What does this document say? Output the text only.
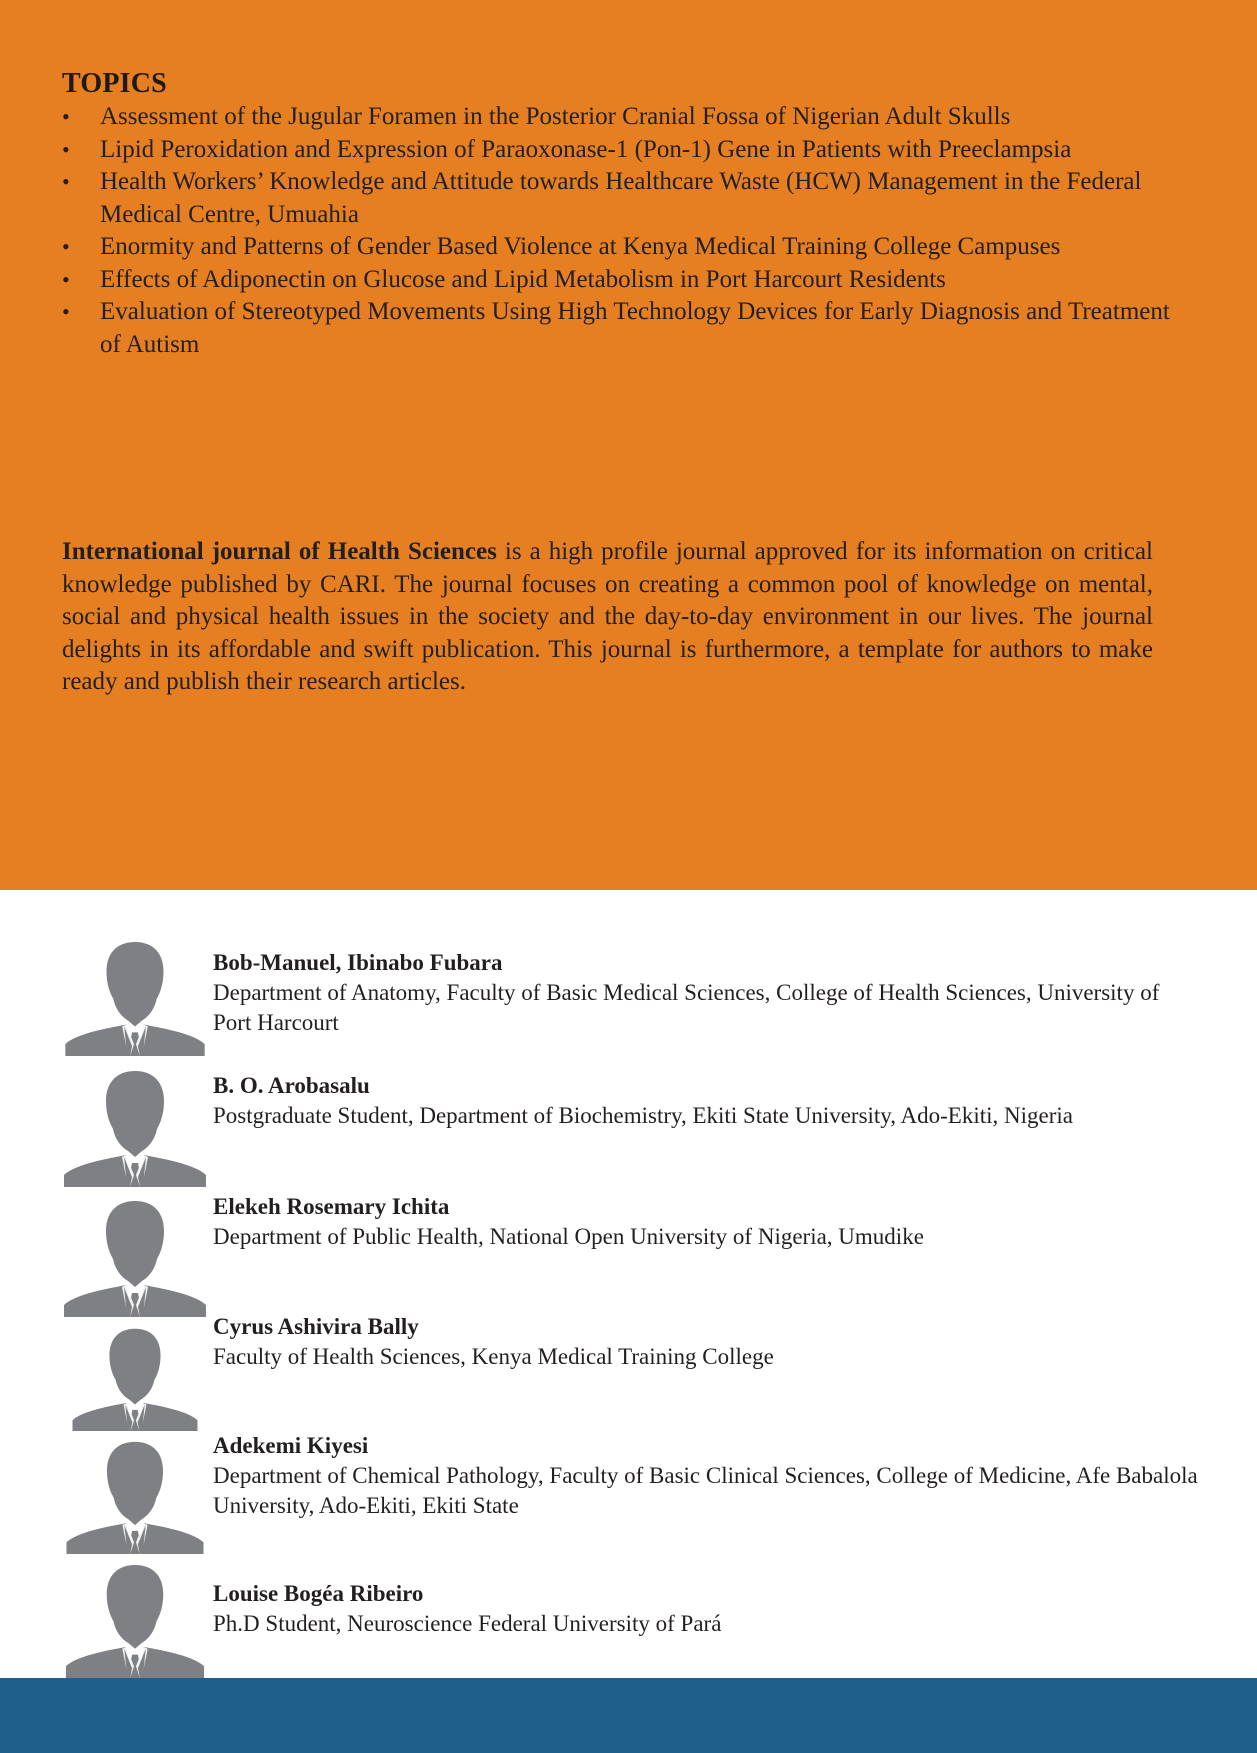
TOPICS
• Assessment of the Jugular Foramen in the Posterior Cranial Fossa of Nigerian Adult Skulls
• Lipid Peroxidation and Expression of Paraoxonase-1 (Pon-1) Gene in Patients with Preeclampsia
• Health Workers’ Knowledge and Attitude towards Healthcare Waste (HCW) Management in the Federal Medical Centre, Umuahia
• Enormity and Patterns of Gender Based Violence at Kenya Medical Training College Campuses
• Effects of Adiponectin on Glucose and Lipid Metabolism in Port Harcourt Residents
• Evaluation of Stereotyped Movements Using High Technology Devices for Early Diagnosis and Treatment of Autism

International journal of Health Sciences is a high profile journal approved for its information on critical knowledge published by CARI. The journal focuses on creating a common pool of knowledge on mental, social and physical health issues in the society and the day-to-day environment in our lives. The journal delights in its affordable and swift publication. This journal is furthermore, a template for authors to make ready and publish their research articles.

Bob-Manuel, Ibinabo Fubara
Department of Anatomy, Faculty of Basic Medical Sciences, College of Health Sciences, University of Port Harcourt
B. O. Arobasalu
Postgraduate Student, Department of Biochemistry, Ekiti State University, Ado-Ekiti, Nigeria
Elekeh Rosemary Ichita
Department of Public Health, National Open University of Nigeria, Umudike
Cyrus Ashivira Bally
Faculty of Health Sciences, Kenya Medical Training College
Adekemi Kiyesi
Department of Chemical Pathology, Faculty of Basic Clinical Sciences, College of Medicine, Afe Babalola University, Ado-Ekiti, Ekiti State
Louise Bogéa Ribeiro
Ph.D Student, Neuroscience Federal University of Pará
